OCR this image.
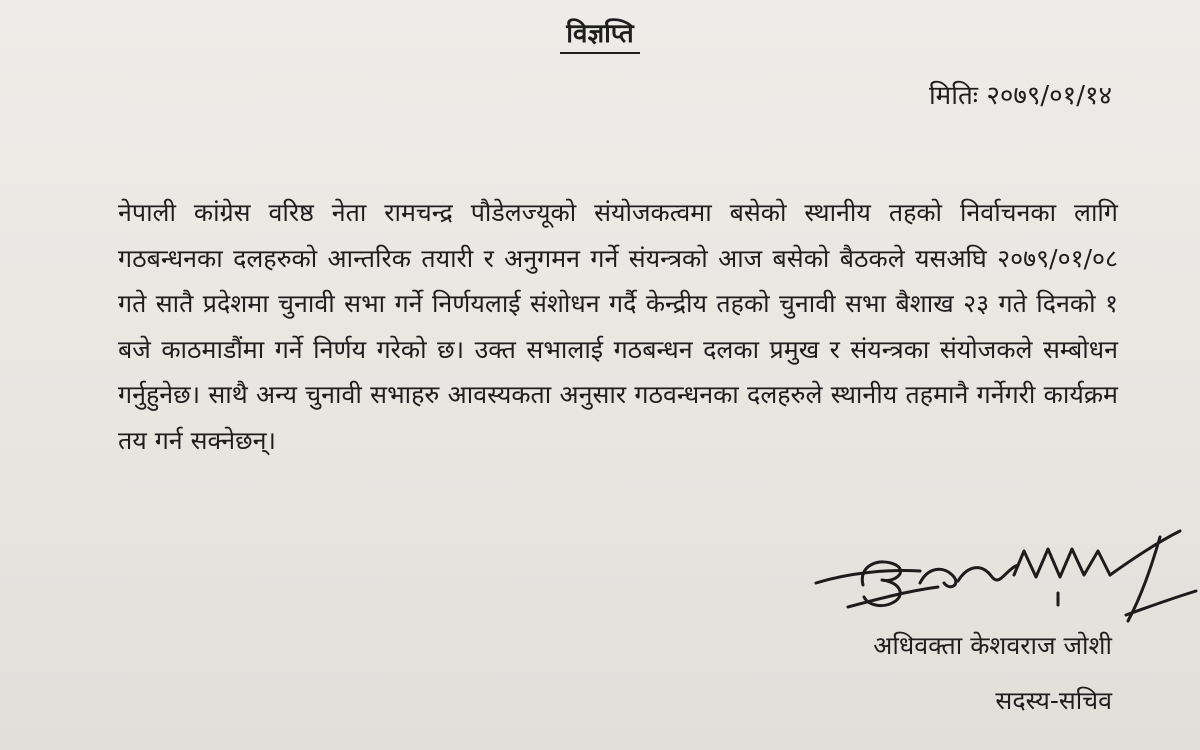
विज्ञप्ति
मितिः २०७९/०१/१४
नेपाली कांग्रेस वरिष्ठ नेता रामचन्द्र पौडेलज्यूको संयोजकत्वमा बसेको स्थानीय तहको निर्वाचनका लागि गठबन्धनका दलहरुको आन्तरिक तयारी र अनुगमन गर्ने संयन्त्रको आज बसेको बैठकले यसअघि २०७९/०१/०८ गते सातै प्रदेशमा चुनावी सभा गर्ने निर्णयलाई संशोधन गर्दै केन्द्रीय तहको चुनावी सभा बैशाख २३ गते दिनको १ बजे काठमाडौंमा गर्ने निर्णय गरेको छ। उक्त सभालाई गठबन्धन दलका प्रमुख र संयन्त्रका संयोजकले सम्बोधन गर्नुहुनेछ। साथै अन्य चुनावी सभाहरु आवस्यकता अनुसार गठवन्धनका दलहरुले स्थानीय तहमानै गर्नेगरी कार्यक्रम तय गर्न सक्नेछन्।
अधिवक्ता केशवराज जोशी
सदस्य-सचिव
